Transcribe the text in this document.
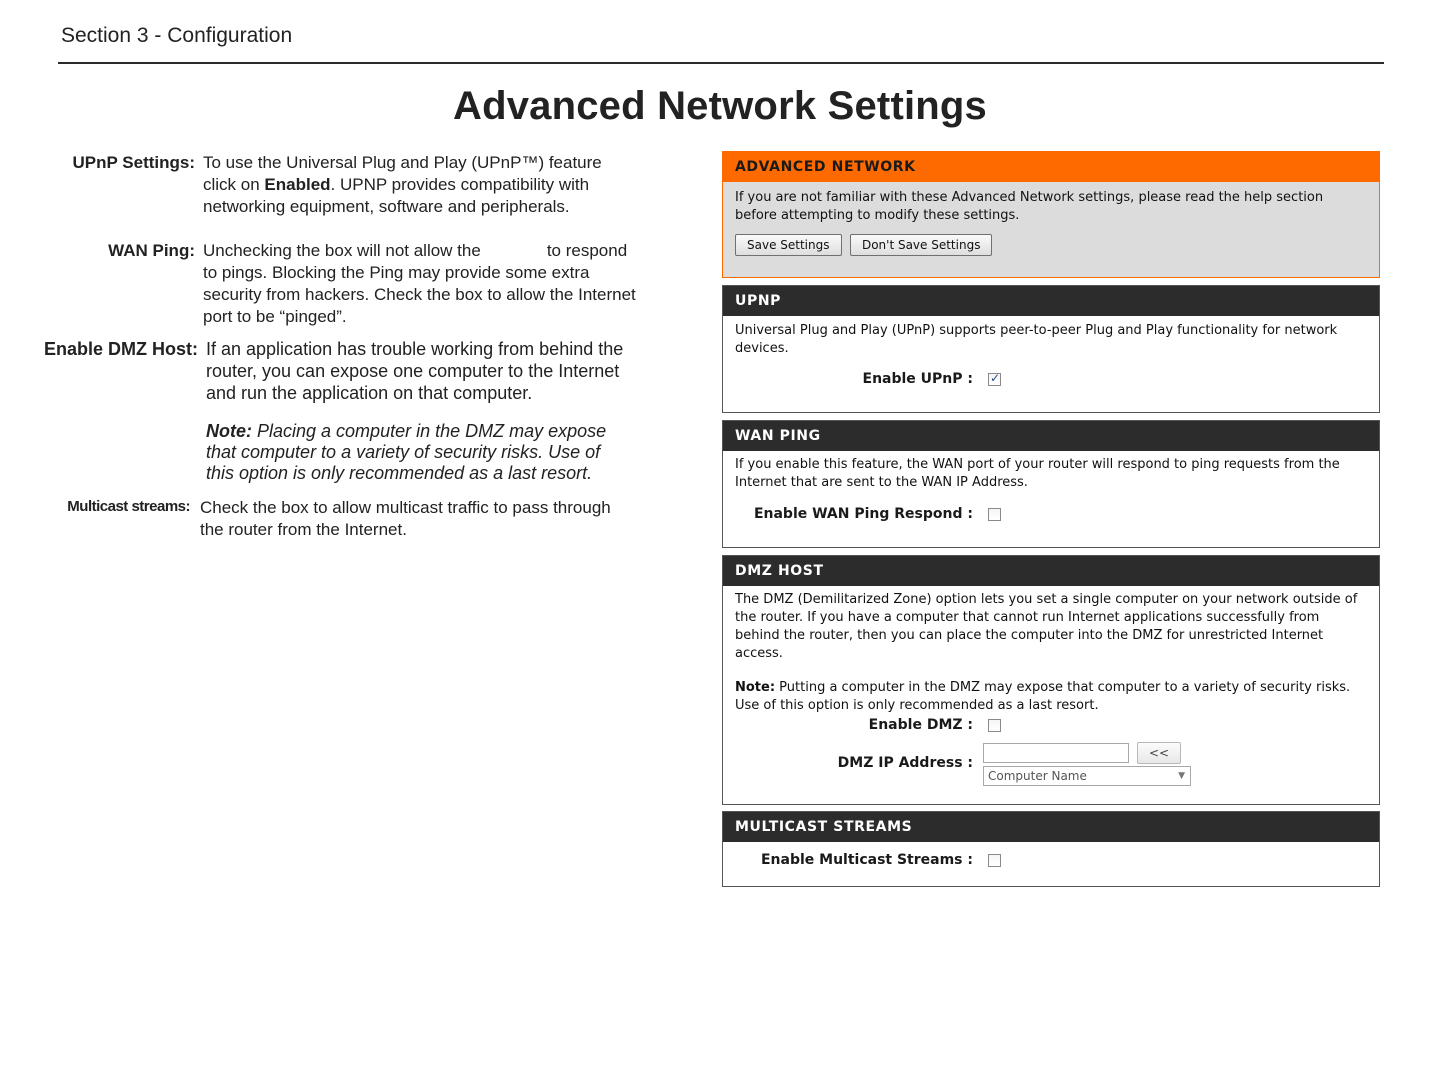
Section 3 - Configuration
Advanced Network Settings
UPnP Settings: To use the Universal Plug and Play (UPnP™) feature click on Enabled. UPNP provides compatibility with networking equipment, software and peripherals.
WAN Ping: Unchecking the box will not allow the	to respond to pings. Blocking the Ping may provide some extra security from hackers. Check the box to allow the Internet port to be “pinged”.
Enable DMZ Host: If an application has trouble working from behind the router, you can expose one computer to the Internet and run the application on that computer.
Note: Placing a computer in the DMZ may expose that computer to a variety of security risks. Use of this option is only recommended as a last resort.
Multicast streams: Check the box to allow multicast traffic to pass through the router from the Internet.
ADVANCED NETWORK
If you are not familiar with these Advanced Network settings, please read the help section before attempting to modify these settings.
Save Settings	Don't Save Settings
UPNP
Universal Plug and Play (UPnP) supports peer-to-peer Plug and Play functionality for network devices.
Enable UPnP :
✓
WAN PING
If you enable this feature, the WAN port of your router will respond to ping requests from the Internet that are sent to the WAN IP Address.
Enable WAN Ping Respond :
DMZ HOST
The DMZ (Demilitarized Zone) option lets you set a single computer on your network outside of the router. If you have a computer that cannot run Internet applications successfully from behind the router, then you can place the computer into the DMZ for unrestricted Internet access.
Note: Putting a computer in the DMZ may expose that computer to a variety of security risks. Use of this option is only recommended as a last resort.
Enable DMZ :
DMZ IP Address :
<<
Computer Name	▼
MULTICAST STREAMS
Enable Multicast Streams :
